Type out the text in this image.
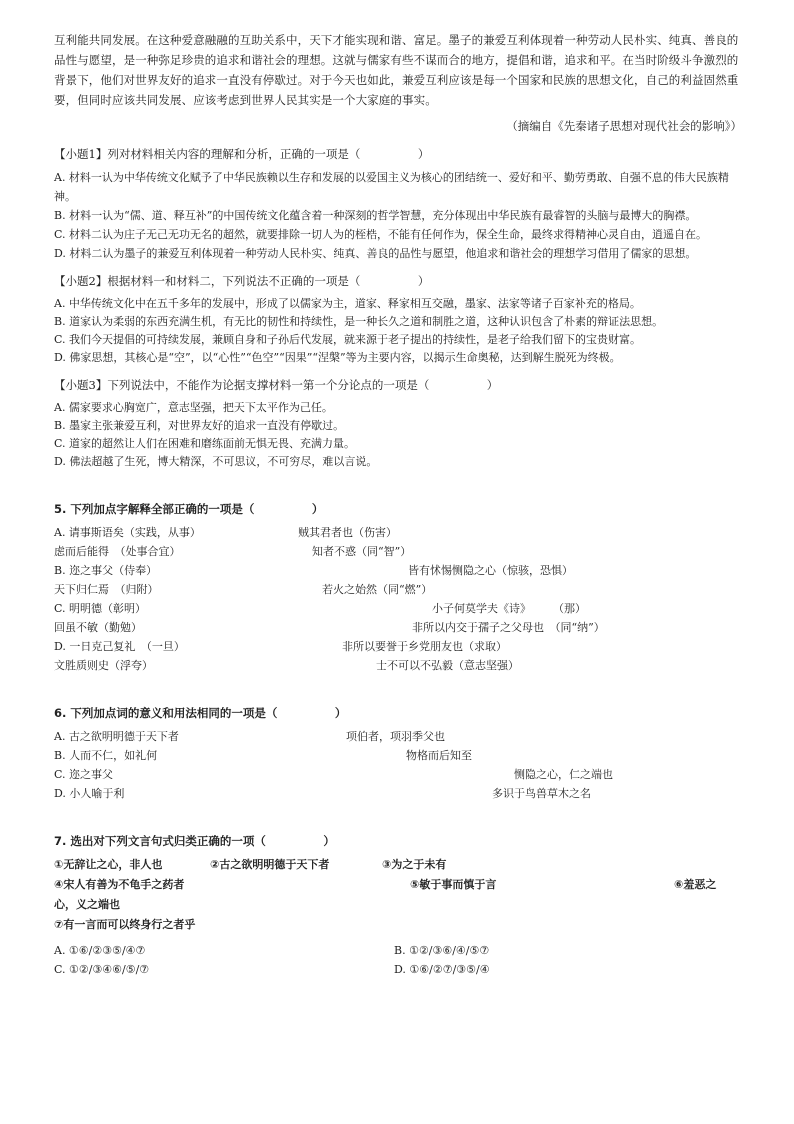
互利能共同发展。在这种爱意融融的互助关系中，天下才能实现和谐、富足。墨子的兼爱互利体现着一种劳动人民朴实、纯真、善良的品性与愿望，是一种弥足珍贵的追求和谐社会的理想。这就与儒家有些不谋而合的地方，提倡和谐，追求和平。在当时阶级斗争激烈的背景下，他们对世界友好的追求一直没有停歇过。对于今天也如此，兼爱互利应该是每一个国家和民族的思想文化，自己的利益固然重要，但同时应该共同发展、应该考虑到世界人民其实是一个大家庭的事实。

（摘编自《先秦诸子思想对现代社会的影响》）

【小题1】列对材料相关内容的理解和分析，正确的一项是（　　　　　）

A. 材料一认为中华传统文化赋予了中华民族赖以生存和发展的以爱国主义为核心的团结统一、爱好和平、勤劳勇敢、自强不息的伟大民族精神。

B. 材料一认为“儒、道、释互补”的中国传统文化蕴含着一种深刻的哲学智慧，充分体现出中华民族有最睿智的头脑与最博大的胸襟。

C. 材料二认为庄子无己无功无名的超然，就要排除一切人为的桎梏，不能有任何作为，保全生命，最终求得精神心灵自由，逍遥自在。

D. 材料二认为墨子的兼爱互利体现着一种劳动人民朴实、纯真、善良的品性与愿望，他追求和谐社会的理想学习借用了儒家的思想。

【小题2】根据材料一和材料二，下列说法不正确的一项是（　　　　　）

A. 中华传统文化中在五千多年的发展中，形成了以儒家为主，道家、释家相互交融，墨家、法家等诸子百家补充的格局。

B. 道家认为柔弱的东西充满生机，有无比的韧性和持续性，是一种长久之道和制胜之道，这种认识包含了朴素的辩证法思想。

C. 我们今天提倡的可持续发展，兼顾自身和子孙后代发展，就来源于老子提出的持续性，是老子给我们留下的宝贵财富。

D. 佛家思想，其核心是“空”，以“心性”“色空”“因果”“涅槃”等为主要内容，以揭示生命奥秘，达到解生脱死为终极。

【小题3】下列说法中，不能作为论据支撑材料一第一个分论点的一项是（　　　　　）

A. 儒家要求心胸宽广，意志坚强，把天下太平作为己任。

B. 墨家主张兼爱互利，对世界友好的追求一直没有停歇过。

C. 道家的超然让人们在困难和磨练面前无惧无畏、充满力量。

D. 佛法超越了生死，博大精深，不可思议，不可穷尽，难以言说。

5. 下列加点字解释全部正确的一项是（　　　　　）

A. 请事斯语矣（实践，从事）	贼其君者也（伤害）
虑而后能得　（处事合宜）	知者不惑（同“智”）
B. 迩之事父（侍奉）	皆有怵惕恻隐之心（惊骇，恐惧）
天下归仁焉　（归附）	若火之始然（同“燃”）
C. 明明德（彰明）	小子何莫学夫《诗》　　　（那）
回虽不敏（勤勉）	非所以内交于孺子之父母也　（同“纳”）
D. 一日克己复礼　（一旦）	非所以要誉于乡党朋友也（求取）
文胜质则史（浮夸）	士不可以不弘毅（意志坚强）

6. 下列加点词的意义和用法相同的一项是（　　　　　）

A. 古之欲明明德于天下者	项伯者，项羽季父也
B. 人而不仁，如礼何	物格而后知至
C. 迩之事父	恻隐之心，仁之端也
D. 小人喻于利	多识于鸟兽草木之名

7. 选出对下列文言句式归类正确的一项（　　　　　）

①无辞让之心，非人也	②古之欲明明德于天下者	③为之于未有
④宋人有善为不龟手之药者	⑤敏于事而慎于言	⑥羞恶之
心，义之端也
⑦有一言而可以终身行之者乎
A. ①⑥/②③⑤/④⑦	B. ①②/③⑥/④/⑤⑦
C. ①②/③④⑥/⑤/⑦	D. ①⑥/②⑦/③⑤/④
